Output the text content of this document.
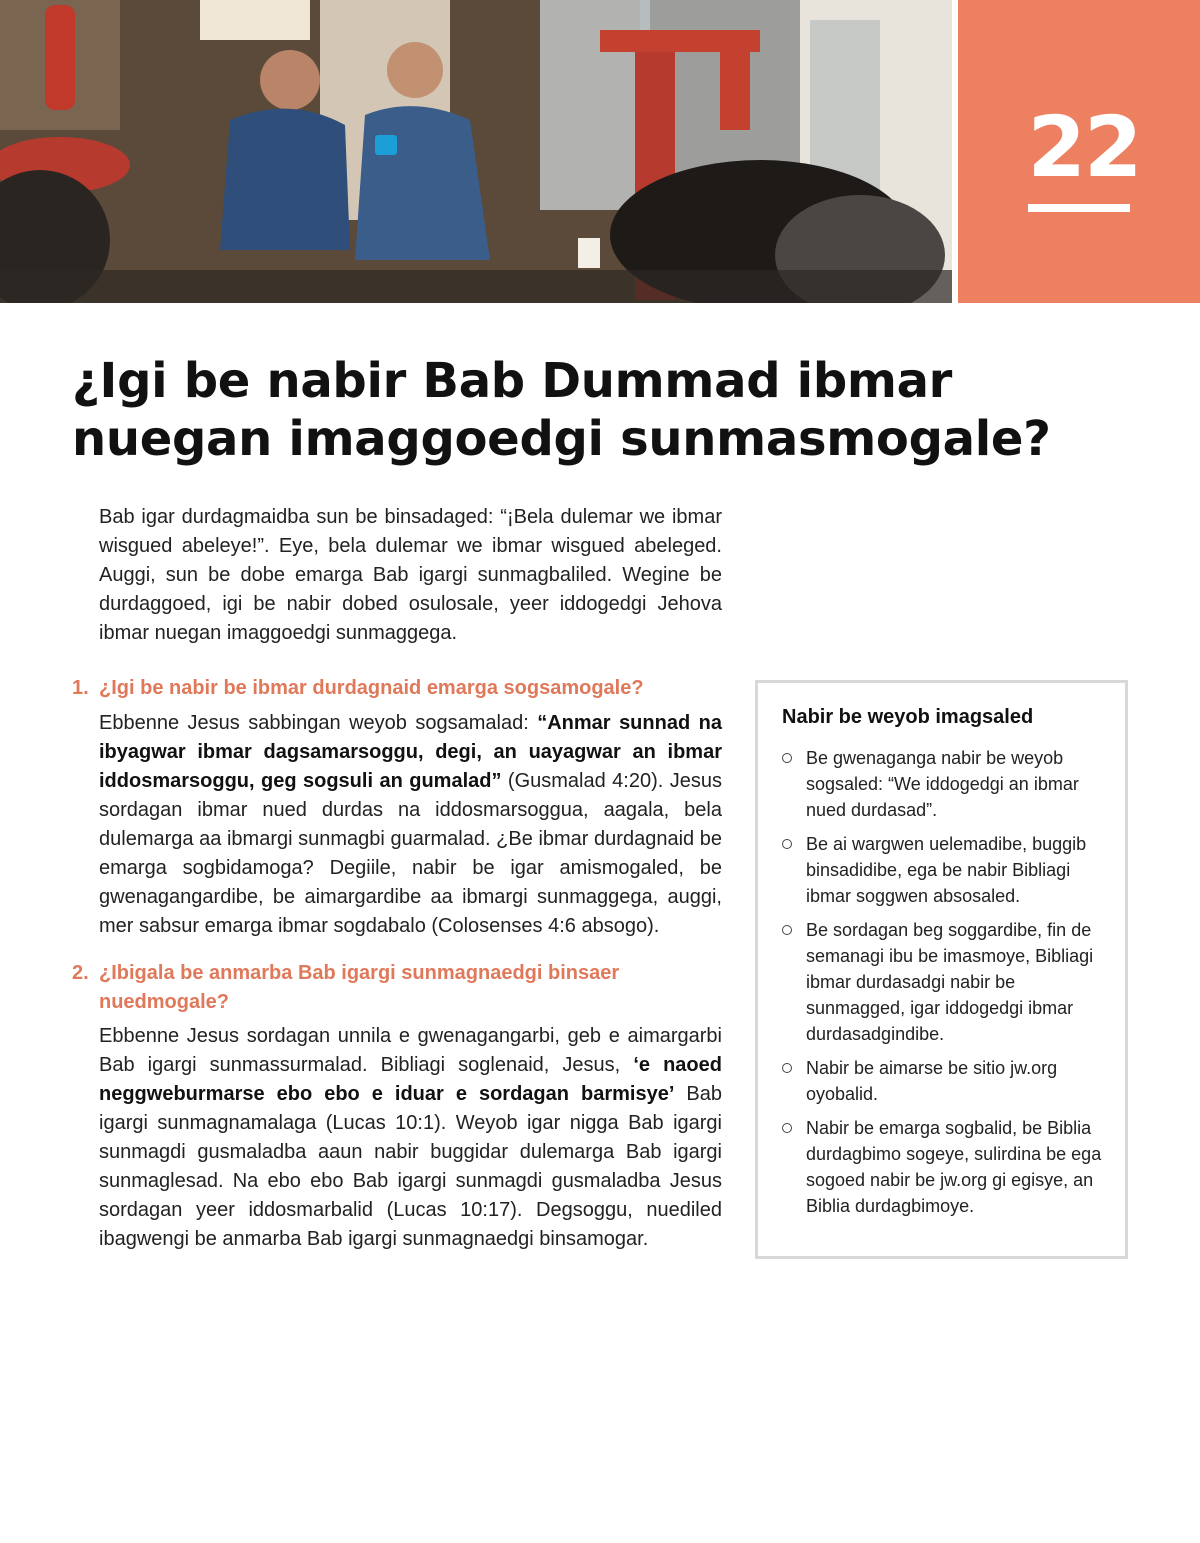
22
¿Igi be nabir Bab Dummad ibmar nuegan imaggoedgi sunmasmogale?

Bab igar durdagmaidba sun be binsadaged: “¡Bela dulemar we ibmar wisgued abeleye!”. Eye, bela dulemar we ibmar wisgued abeleged. Auggi, sun be dobe emarga Bab igargi sunmagbaliled. Wegine be durdaggoed, igi be nabir dobed osulosale, yeer iddogedgi Jehova ibmar nuegan imaggoedgi sunmaggega.

1. ¿Igi be nabir be ibmar durdagnaid emarga sogsamogale?

Ebbenne Jesus sabbingan weyob sogsamalad: “Anmar sunnad na ibyagwar ibmar dagsamarsoggu, degi, an uayagwar an ibmar iddosmarsoggu, geg sogsuli an gumalad” (Gusmalad 4:20). Jesus sordagan ibmar nued durdas na iddosmarsoggua, aagala, bela dulemarga aa ibmargi sunmagbi guarmalad. ¿Be ibmar durdagnaid be emarga sogbidamoga? Degiile, nabir be igar amismogaled, be gwenagangardibe, be aimargardibe aa ibmargi sunmaggega, auggi, mer sabsur emarga ibmar sogdabalo (Colosenses 4:6 absogo).

2. ¿Ibigala be anmarba Bab igargi sunmagnaedgi binsaer nuedmogale?

Ebbenne Jesus sordagan unnila e gwenagangarbi, geb e aimargarbi Bab igargi sunmassurmalad. Bibliagi soglenaid, Jesus, ‘e naoed neggweburmarse ebo ebo e iduar e sordagan barmisye’ Bab igargi sunmagnamalaga (Lucas 10:1). Weyob igar nigga Bab igargi sunmagdi gusmaladba aaun nabir buggidar dulemarga Bab igargi sunmaglesad. Na ebo ebo Bab igargi sunmagdi gusmaladba Jesus sordagan yeer iddosmarbalid (Lucas 10:17). Degsoggu, nuediled ibagwengi be anmarba Bab igargi sunmagnaedgi binsamogar.

Nabir be weyob imagsaled
Be gwenaganga nabir be weyob sogsaled: “We iddogedgi an ibmar nued durdasad”.
Be ai wargwen uelemadibe, buggib binsadidibe, ega be nabir Bibliagi ibmar soggwen absosaled.
Be sordagan beg soggardibe, fin de semanagi ibu be imasmoye, Bibliagi ibmar durdasadgi nabir be sunmagged, igar iddogedgi ibmar durdasadgindibe.
Nabir be aimarse be sitio jw.org oyobalid.
Nabir be emarga sogbalid, be Biblia durdagbimo sogeye, sulirdina be ega sogoed nabir be jw.org gi egisye, an Biblia durdagbimoye.
